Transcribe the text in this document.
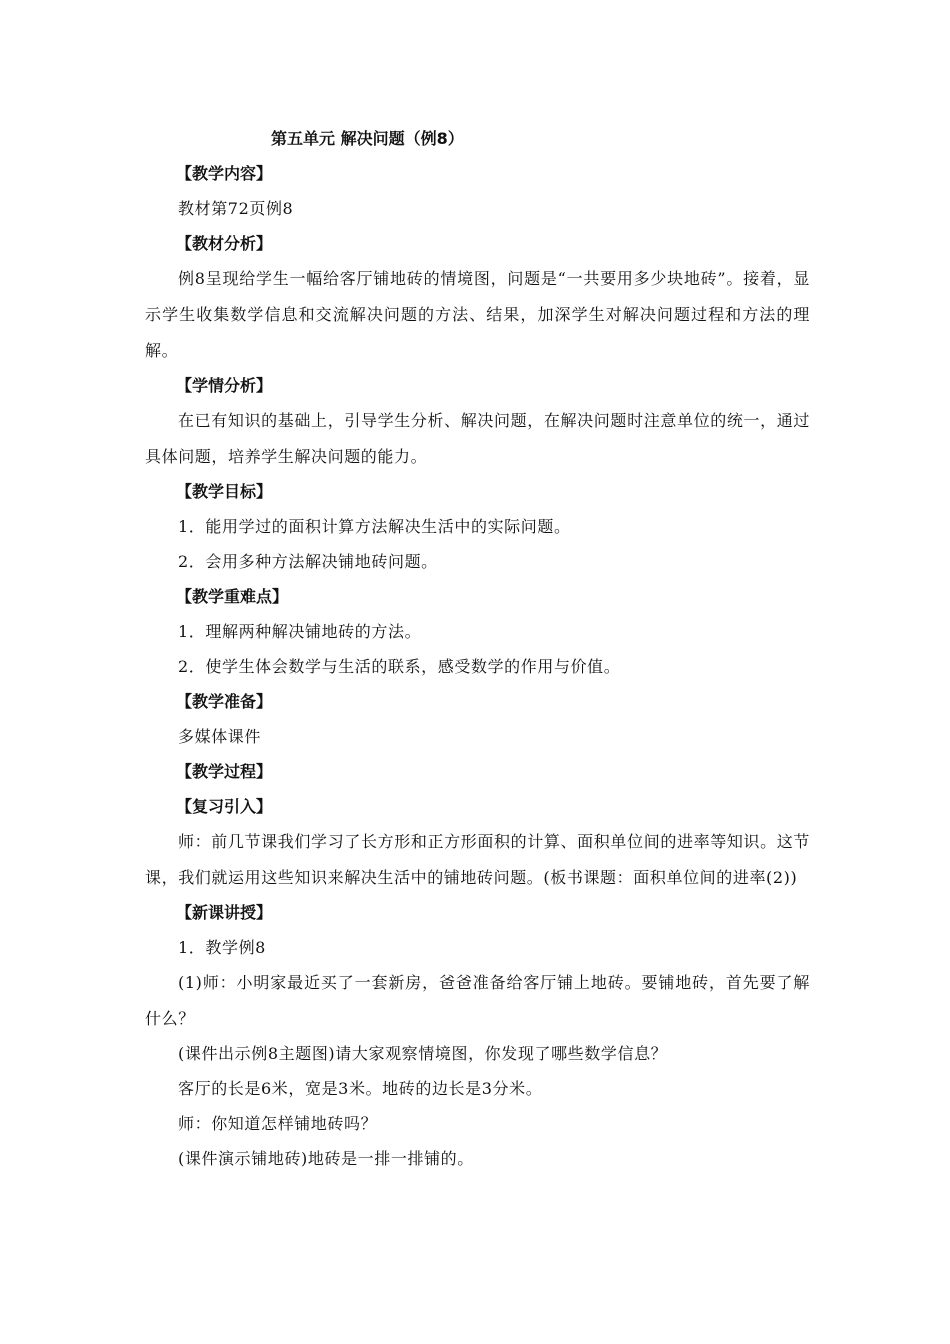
第五单元 解决问题（例8）
【教学内容】
教材第72页例8
【教材分析】
例8呈现给学生一幅给客厅铺地砖的情境图，问题是“一共要用多少块地砖”。接着，显示学生收集数学信息和交流解决问题的方法、结果，加深学生对解决问题过程和方法的理解。
【学情分析】
在已有知识的基础上，引导学生分析、解决问题，在解决问题时注意单位的统一，通过具体问题，培养学生解决问题的能力。
【教学目标】
1．能用学过的面积计算方法解决生活中的实际问题。
2．会用多种方法解决铺地砖问题。
【教学重难点】
1．理解两种解决铺地砖的方法。
2．使学生体会数学与生活的联系，感受数学的作用与价值。
【教学准备】
多媒体课件
【教学过程】
【复习引入】
师：前几节课我们学习了长方形和正方形面积的计算、面积单位间的进率等知识。这节课，我们就运用这些知识来解决生活中的铺地砖问题。(板书课题：面积单位间的进率(2))
【新课讲授】
1．教学例8
(1)师：小明家最近买了一套新房，爸爸准备给客厅铺上地砖。要铺地砖，首先要了解什么？
(课件出示例8主题图)请大家观察情境图，你发现了哪些数学信息？
客厅的长是6米，宽是3米。地砖的边长是3分米。
师：你知道怎样铺地砖吗？
(课件演示铺地砖)地砖是一排一排铺的。
